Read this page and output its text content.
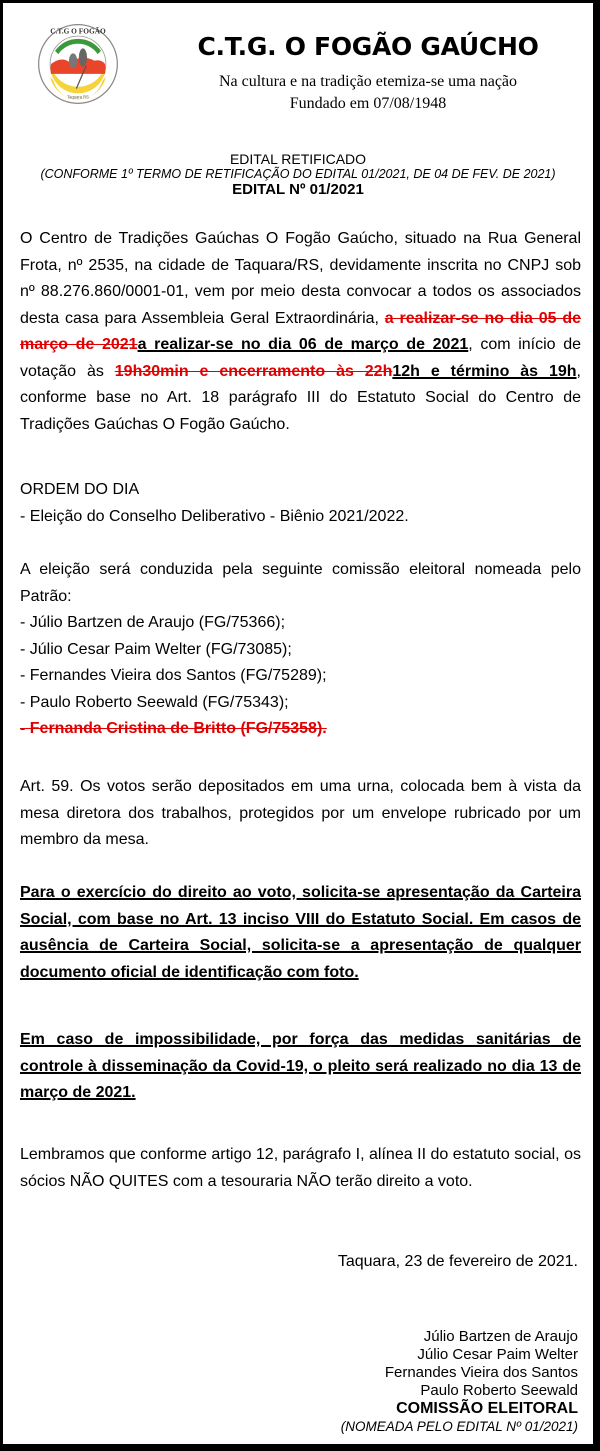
C.T.G O FOGÃO
Taquara RS
C.T.G. O FOGÃO GAÚCHO
Na cultura e na tradição etemiza-se uma nação
Fundado em 07/08/1948
EDITAL RETIFICADO
(CONFORME 1º TERMO DE RETIFICAÇÃO DO EDITAL 01/2021, DE 04 DE FEV. DE 2021)
EDITAL Nº 01/2021

O Centro de Tradições Gaúchas O Fogão Gaúcho, situado na Rua General Frota, nº 2535, na cidade de Taquara/RS, devidamente inscrita no CNPJ sob nº 88.276.860/0001-01, vem por meio desta convocar a todos os associados desta casa para Assembleia Geral Extraordinária, a realizar-se no dia 05 de março de 2021a realizar-se no dia 06 de março de 2021, com início de votação às 19h30min e encerramento às 22h12h e término às 19h, conforme base no Art. 18 parágrafo III do Estatuto Social do Centro de Tradições Gaúchas O Fogão Gaúcho.

ORDEM DO DIA
- Eleição do Conselho Deliberativo - Biênio 2021/2022.

A eleição será conduzida pela seguinte comissão eleitoral nomeada pelo Patrão:

- Júlio Bartzen de Araujo (FG/75366);
- Júlio Cesar Paim Welter (FG/73085);
- Fernandes Vieira dos Santos (FG/75289);
- Paulo Roberto Seewald (FG/75343);
- Fernanda Cristina de Britto (FG/75358).

Art. 59. Os votos serão depositados em uma urna, colocada bem à vista da mesa diretora dos trabalhos, protegidos por um envelope rubricado por um membro da mesa.

Para o exercício do direito ao voto, solicita-se apresentação da Carteira Social, com base no Art. 13 inciso VIII do Estatuto Social. Em casos de ausência de Carteira Social, solicita-se a apresentação de qualquer documento oficial de identificação com foto.

Em caso de impossibilidade, por força das medidas sanitárias de controle à disseminação da Covid-19, o pleito será realizado no dia 13 de março de 2021.

Lembramos que conforme artigo 12, parágrafo I, alínea II do estatuto social, os sócios NÃO QUITES com a tesouraria NÃO terão direito a voto.

Taquara, 23 de fevereiro de 2021.
Júlio Bartzen de Araujo
Júlio Cesar Paim Welter
Fernandes Vieira dos Santos
Paulo Roberto Seewald
COMISSÃO ELEITORAL
(NOMEADA PELO EDITAL Nº 01/2021)
